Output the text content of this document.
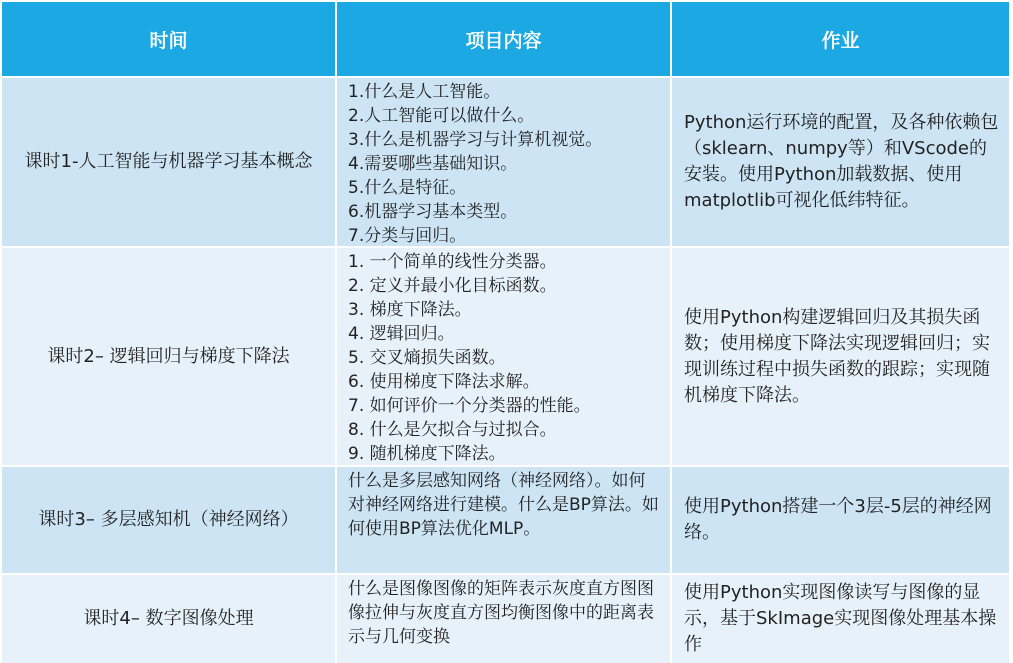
时间	项目内容	作业
课时1-人工智能与机器学习基本概念
1.什么是人工智能。
2.人工智能可以做什么。
3.什么是机器学习与计算机视觉。
4.需要哪些基础知识。
5.什么是特征。
6.机器学习基本类型。
7.分类与回归。
Python运行环境的配置，及各种依赖包（sklearn、numpy等）和VScode的安装。使用Python加载数据、使用matplotlib可视化低纬特征。
课时2– 逻辑回归与梯度下降法
1. 一个简单的线性分类器。
2. 定义并最小化目标函数。
3. 梯度下降法。
4. 逻辑回归。
5. 交叉熵损失函数。
6. 使用梯度下降法求解。
7. 如何评价一个分类器的性能。
8. 什么是欠拟合与过拟合。
9. 随机梯度下降法。
使用Python构建逻辑回归及其损失函数；使用梯度下降法实现逻辑回归；实现训练过程中损失函数的跟踪；实现随机梯度下降法。
课时3– 多层感知机（神经网络）
什么是多层感知网络（神经网络）。如何对神经网络进行建模。什么是BP算法。如何使用BP算法优化MLP。
使用Python搭建一个3层-5层的神经网络。
课时4– 数字图像处理
什么是图像图像的矩阵表示灰度直方图图像拉伸与灰度直方图均衡图像中的距离表示与几何变换
使用Python实现图像读写与图像的显示，基于SkImage实现图像处理基本操作
